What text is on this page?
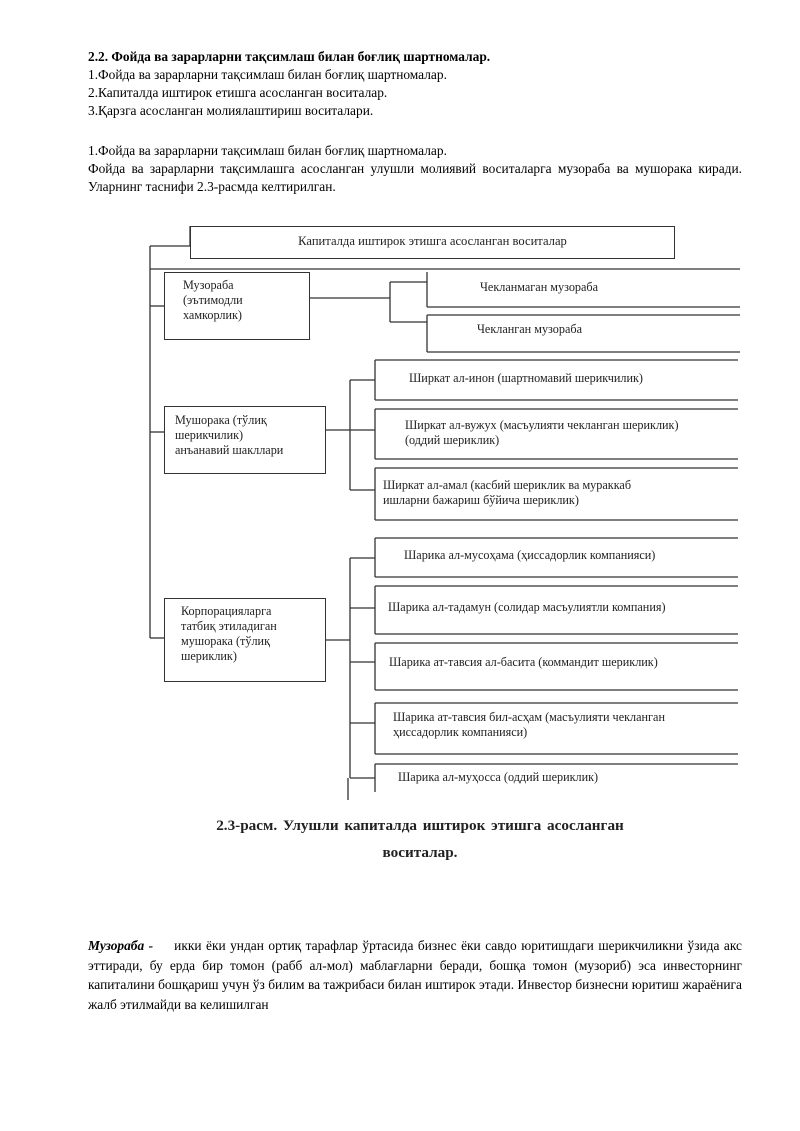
2.2. Фойда ва зарарларни тақсимлаш билан боғлиқ шартномалар.
1.Фойда ва зарарларни тақсимлаш билан боғлиқ шартномалар.
2.Капиталда иштирок етишга асосланган воситалар.
3.Қарзга асосланган молиялаштириш воситалари.
1.Фойда ва зарарларни тақсимлаш билан боғлиқ шартномалар.
Фойда ва зарарларни тақсимлашга асосланган улушли молиявий воситаларга музораба ва мушорака киради. Уларнинг таснифи 2.3-расмда келтирилган.
Капиталда иштирок этишга асосланган воситалар
Музораба
(эътимодли
хамкорлик)
Чекланмаган музораба
Чекланган музораба
Мушорака (тўлиқ
шерикчилик)
анъанавий шакллари
Ширкат ал-инон (шартномавий шерикчилик)
Ширкат ал-вужух (масъулияти чекланган шериклик)
(оддий шериклик)
Ширкат ал-амал (касбий шериклик ва мураккаб
ишларни бажариш бўйича шериклик)
Корпорацияларга
татбиқ этиладиган
мушорака (тўлиқ
шериклик)
Шарика ал-мусоҳама (ҳиссадорлик компанияси)
Шарика ал-тадамун (солидар масъулиятли компания)
Шарика ат-тавсия ал-басита (коммандит шериклик)
Шарика ат-тавсия бил-асҳам (масъулияти чекланган
ҳиссадорлик компанияси)
Шарика ал-муҳосса (оддий шериклик)
2.3-расм. Улушли капиталда иштирок этишга асосланган
воситалар.
Музораба - икки ёки ундан ортиқ тарафлар ўртасида бизнес ёки савдо юритишдаги шерикчиликни ўзида акс эттиради, бу ерда бир томон (рабб ал-мол) маблағларни беради, бошқа томон (музориб) эса инвесторнинг капиталини бошқариш учун ўз билим ва тажрибаси билан иштирок этади. Инвестор бизнесни юритиш жараёнига жалб этилмайди ва келишилган
